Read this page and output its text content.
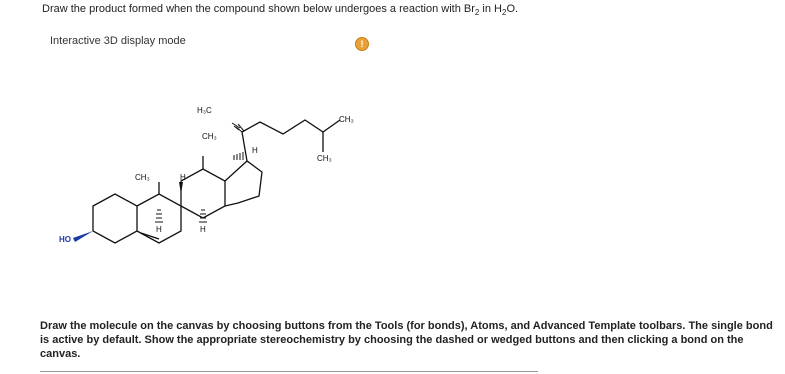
Draw the product formed when the compound shown below undergoes a reaction with $Br_2$ in $H_2O$.
Interactive 3D display mode	!
H₃C
CH₃
H
CH₃
CH₃
CH₃	H
H	H
HO
Draw the molecule on the canvas by choosing buttons from the Tools (for bonds), Atoms, and Advanced Template toolbars. The single bond is active by default. Show the appropriate stereochemistry by choosing the dashed or wedged buttons and then clicking a bond on the canvas.
